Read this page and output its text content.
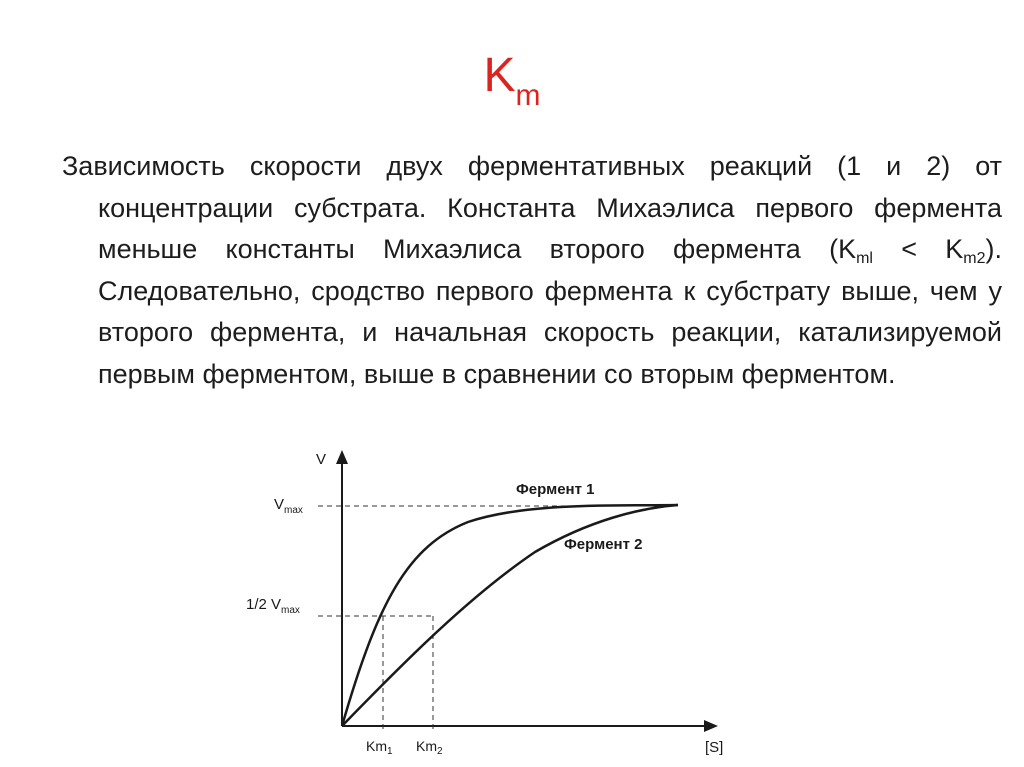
$K_m$
Зависимость скорости двух ферментативных реакций (1 и 2) от концентрации субстрата. Константа Михаэлиса первого фермента меньше константы Михаэлиса второго фермента $(K_{ml} < K_{m2})$. Следовательно, сродство первого фермента к субстрату выше, чем у второго фермента, и начальная скорость реакции, катализируемой первым ферментом, выше в сравнении со вторым ферментом.
V
[S]
$V_{max}$
1/2 $V_{max}$
$Km_1$ $Km_2$
Фермент 1
Фермент 2
